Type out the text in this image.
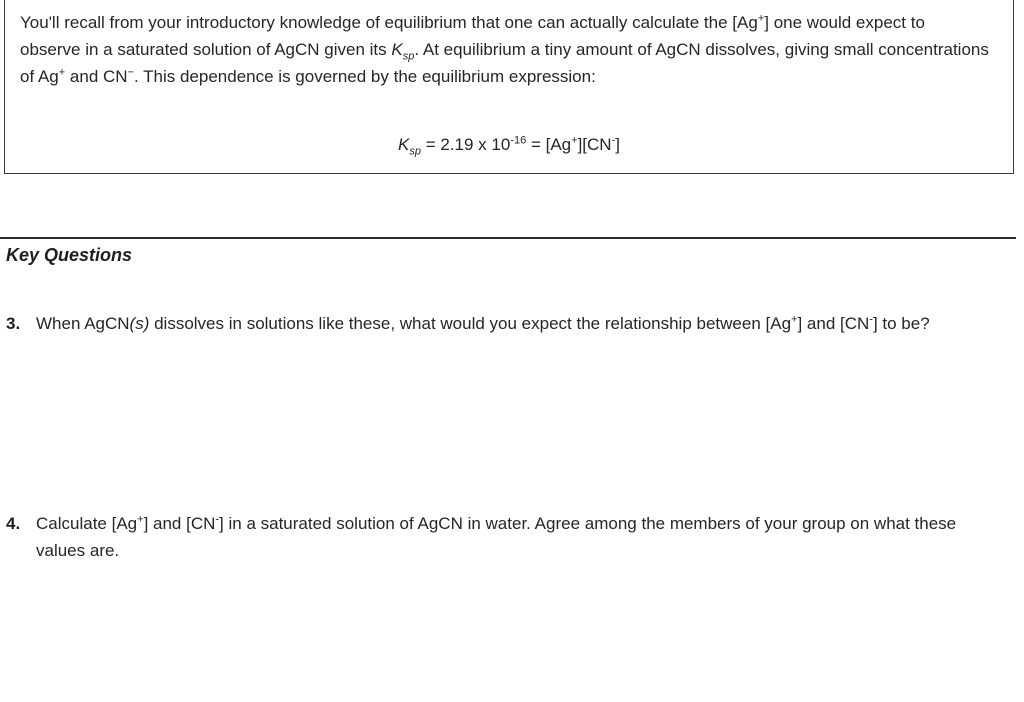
You'll recall from your introductory knowledge of equilibrium that one can actually calculate the [Ag+] one would expect to observe in a saturated solution of AgCN given its $K_{sp}$. At equilibrium a tiny amount of AgCN dissolves, giving small concentrations of Ag+ and CN−. This dependence is governed by the equilibrium expression:

$K_{sp} = 2.19$ x $10^{-16} = [Ag^+][CN^-]$
Key Questions
3. When AgCN(s) dissolves in solutions like these, what would you expect the relationship between [Ag+] and [CN-] to be?
4. Calculate [Ag+] and [CN-] in a saturated solution of AgCN in water. Agree among the members of your group on what these values are.
